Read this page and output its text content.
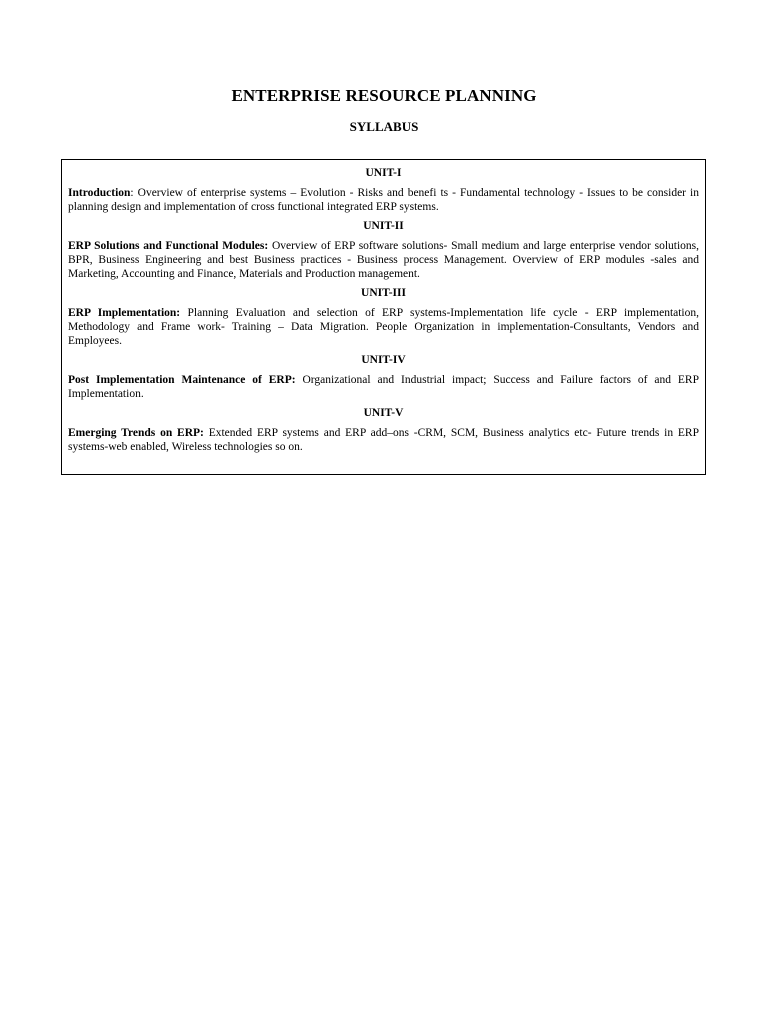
ENTERPRISE RESOURCE PLANNING
SYLLABUS

UNIT-I

Introduction: Overview of enterprise systems – Evolution - Risks and benefi ts - Fundamental technology - Issues to be consider in planning design and implementation of cross functional integrated ERP systems.

UNIT-II

ERP Solutions and Functional Modules: Overview of ERP software solutions- Small medium and large enterprise vendor solutions, BPR, Business Engineering and best Business practices - Business process Management. Overview of ERP modules -sales and Marketing, Accounting and Finance, Materials and Production management.

UNIT-III

ERP Implementation: Planning Evaluation and selection of ERP systems-Implementation life cycle - ERP implementation, Methodology and Frame work- Training – Data Migration. People Organization in implementation-Consultants, Vendors and Employees.

UNIT-IV

Post Implementation Maintenance of ERP: Organizational and Industrial impact; Success and Failure factors of and ERP Implementation.

UNIT-V

Emerging Trends on ERP: Extended ERP systems and ERP add–ons -CRM, SCM, Business analytics etc- Future trends in ERP systems-web enabled, Wireless technologies so on.
